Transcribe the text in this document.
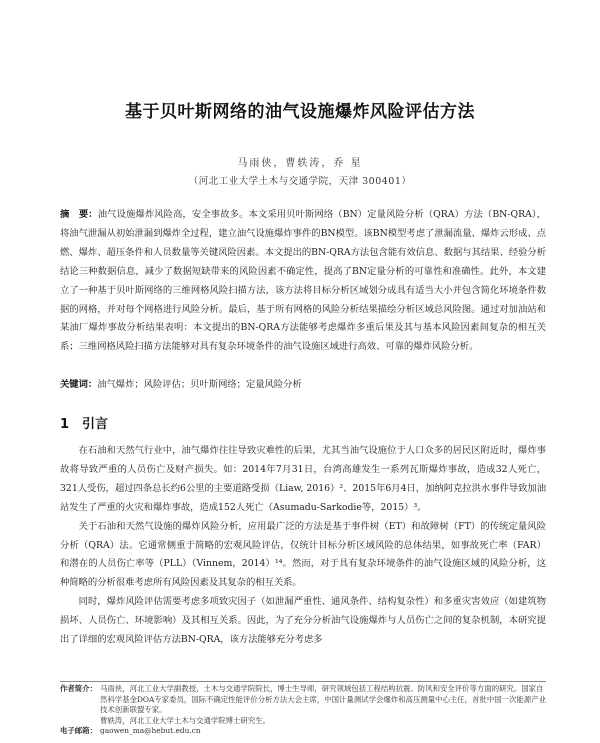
基于贝叶斯网络的油气设施爆炸风险评估方法
马雨侠，曹轶涛，乔 星
（河北工业大学土木与交通学院，天津 300401）
摘　要：油气设施爆炸风险高，安全事故多。本文采用贝叶斯网络（BN）定量风险分析（QRA）方法（BN-QRA），将油气泄漏从初始泄漏到爆炸全过程，建立油气设施爆炸事件的BN模型。该BN模型考虑了泄漏流量、爆炸云形成、点燃、爆炸、超压条件和人员数量等关键风险因素。本文提出的BN-QRA方法包含能有效信息、数据与其结果、经验分析结论三种数据信息，减少了数据短缺带来的风险因素不确定性，提高了BN定量分析的可靠性和准确性。此外，本文建立了一种基于贝叶斯网络的三维网格风险扫描方法，该方法将目标分析区域划分成具有适当大小并包含简化环境条件数据的网格，并对每个网格进行风险分析。最后，基于所有网格的风险分析结果描绘分析区域总风险图。通过对加油站和某油厂爆炸事故分析结果表明：本文提出的BN-QRA方法能够考虑爆炸多重后果及其与基本风险因素间复杂的相互关系；三维网格风险扫描方法能够对具有复杂环境条件的油气设施区域进行高效、可靠的爆炸风险分析。
关键词：油气爆炸；风险评估；贝叶斯网络；定量风险分析
1 引言

在石油和天然气行业中，油气爆炸往往导致灾难性的后果，尤其当油气设施位于人口众多的居民区附近时，爆炸事故将导致严重的人员伤亡及财产损失。如：2014年7月31日，台湾高雄发生一系列瓦斯爆炸事故，造成32人死亡，321人受伤，超过四条总长约6公里的主要道路受损（Liaw, 2016）²、2015年6月4日，加纳阿克拉洪水事件导致加油站发生了严重的火灾和爆炸事故，造成152人死亡（Asumadu-Sarkodie等，2015）³。

关于石油和天然气设施的爆炸风险分析，应用最广泛的方法是基于事件树（ET）和故障树（FT）的传统定量风险分析（QRA）法。它通常侧重于简略的宏观风险评估，仅统计目标分析区域风险的总体结果，如事故死亡率（FAR）和潜在的人员伤亡率等（PLL）（Vinnem，2014）¹⁴。然而，对于具有复杂环境条件的油气设施区域的风险分析，这种简略的分析很难考虑所有风险因素及其复杂的相互关系。

同时，爆炸风险评估需要考虑多项致灾因子（如泄漏严重性、通风条件、结构复杂性）和多重灾害效应（如建筑物损坏、人员伤亡、环境影响）及其相互关系。因此，为了充分分析油气设施爆炸与人员伤亡之间的复杂机制，本研究提出了详细的宏观风险评估方法BN-QRA，该方法能够充分考虑多

作者简介： 马雨侠，河北工业大学副教授，土木与交通学院院长，博士生导师，研究领域包括工程结构抗震、防风和安全评价等方面的研究。国家自然科学基金DOA专家委员，国际不确定性能评价分析方法大会主席，中国计量测试学会爆炸和高压测量中心主任，首批中国一次能源产业技术创新联盟专家。
曹轶涛，河北工业大学土木与交通学院博士研究生。
电子邮箱： gaowen_ma@hebut.edu.cn
